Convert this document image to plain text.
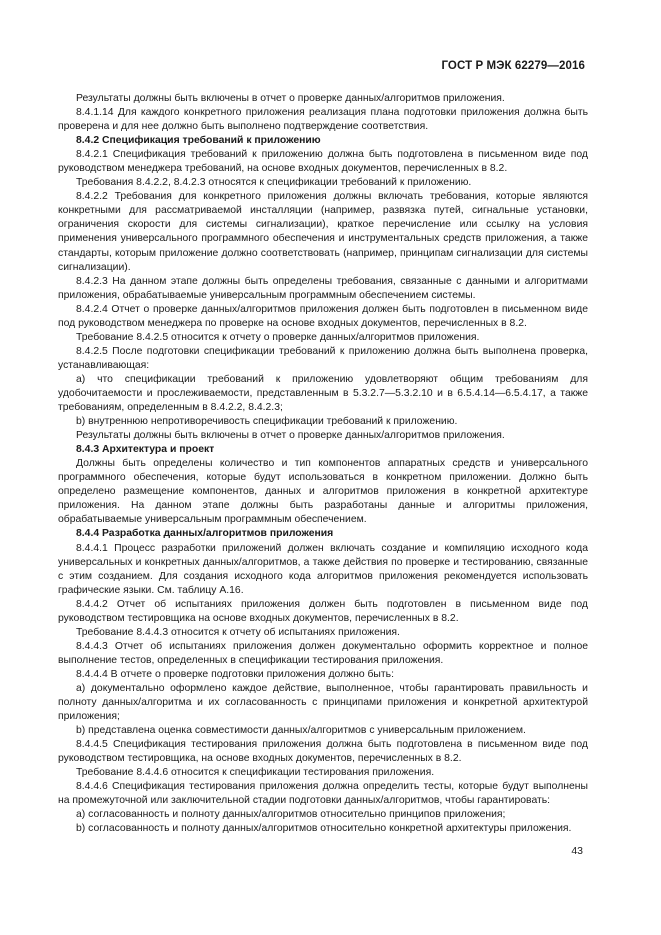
ГОСТ Р МЭК 62279—2016

Результаты должны быть включены в отчет о проверке данных/алгоритмов приложения.

8.4.1.14 Для каждого конкретного приложения реализация плана подготовки приложения должна быть проверена и для нее должно быть выполнено подтверждение соответствия.

8.4.2 Спецификация требований к приложению

8.4.2.1 Спецификация требований к приложению должна быть подготовлена в письменном виде под руководством менеджера требований, на основе входных документов, перечисленных в 8.2.

Требования 8.4.2.2, 8.4.2.3 относятся к спецификации требований к приложению.

8.4.2.2 Требования для конкретного приложения должны включать требования, которые являются конкретными для рассматриваемой инсталляции (например, развязка путей, сигнальные установки, ограничения скорости для системы сигнализации), краткое перечисление или ссылку на условия применения универсального программного обеспечения и инструментальных средств приложения, а также стандарты, которым приложение должно соответствовать (например, принципам сигнализации для системы сигнализации).

8.4.2.3 На данном этапе должны быть определены требования, связанные с данными и алгоритмами приложения, обрабатываемые универсальным программным обеспечением системы.

8.4.2.4 Отчет о проверке данных/алгоритмов приложения должен быть подготовлен в письменном виде под руководством менеджера по проверке на основе входных документов, перечисленных в 8.2.

Требование 8.4.2.5 относится к отчету о проверке данных/алгоритмов приложения.

8.4.2.5 После подготовки спецификации требований к приложению должна быть выполнена проверка, устанавливающая:

a) что спецификации требований к приложению удовлетворяют общим требованиям для удобочитаемости и прослеживаемости, представленным в 5.3.2.7—5.3.2.10 и в 6.5.4.14—6.5.4.17, а также требованиям, определенным в 8.4.2.2, 8.4.2.3;

b) внутреннюю непротиворечивость спецификации требований к приложению.

Результаты должны быть включены в отчет о проверке данных/алгоритмов приложения.

8.4.3 Архитектура и проект

Должны быть определены количество и тип компонентов аппаратных средств и универсального программного обеспечения, которые будут использоваться в конкретном приложении. Должно быть определено размещение компонентов, данных и алгоритмов приложения в конкретной архитектуре приложения. На данном этапе должны быть разработаны данные и алгоритмы приложения, обрабатываемые универсальным программным обеспечением.

8.4.4 Разработка данных/алгоритмов приложения

8.4.4.1 Процесс разработки приложений должен включать создание и компиляцию исходного кода универсальных и конкретных данных/алгоритмов, а также действия по проверке и тестированию, связанные с этим созданием. Для создания исходного кода алгоритмов приложения рекомендуется использовать графические языки. См. таблицу А.16.

8.4.4.2 Отчет об испытаниях приложения должен быть подготовлен в письменном виде под руководством тестировщика на основе входных документов, перечисленных в 8.2.

Требование 8.4.4.3 относится к отчету об испытаниях приложения.

8.4.4.3 Отчет об испытаниях приложения должен документально оформить корректное и полное выполнение тестов, определенных в спецификации тестирования приложения.

8.4.4.4 В отчете о проверке подготовки приложения должно быть:

a) документально оформлено каждое действие, выполненное, чтобы гарантировать правильность и полноту данных/алгоритма и их согласованность с принципами приложения и конкретной архитектурой приложения;

b) представлена оценка совместимости данных/алгоритмов с универсальным приложением.

8.4.4.5 Спецификация тестирования приложения должна быть подготовлена в письменном виде под руководством тестировщика, на основе входных документов, перечисленных в 8.2.

Требование 8.4.4.6 относится к спецификации тестирования приложения.

8.4.4.6 Спецификация тестирования приложения должна определить тесты, которые будут выполнены на промежуточной или заключительной стадии подготовки данных/алгоритмов, чтобы гарантировать:

a) согласованность и полноту данных/алгоритмов относительно принципов приложения;

b) согласованность и полноту данных/алгоритмов относительно конкретной архитектуры приложения.

43
